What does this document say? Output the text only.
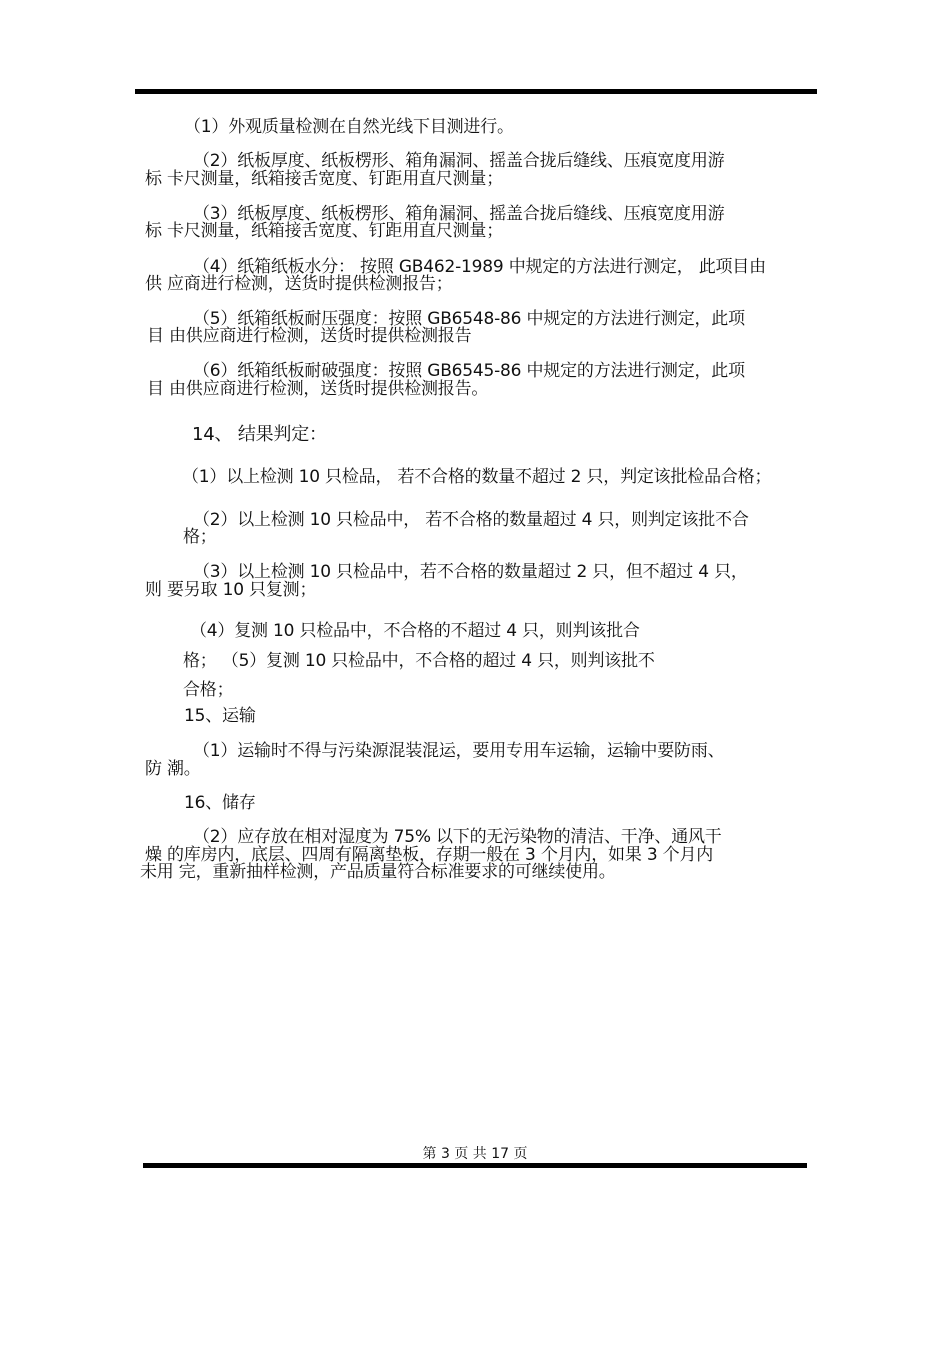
（1）外观质量检测在自然光线下目测进行。
（2）纸板厚度、纸板楞形、箱角漏洞、摇盖合拢后缝线、压痕宽度用游
标 卡尺测量，纸箱接舌宽度、钉距用直尺测量；
（3）纸板厚度、纸板楞形、箱角漏洞、摇盖合拢后缝线、压痕宽度用游
标 卡尺测量，纸箱接舌宽度、钉距用直尺测量；
（4）纸箱纸板水分： 按照 GB462-1989 中规定的方法进行测定， 此项目由
供 应商进行检测，送货时提供检测报告；
（5）纸箱纸板耐压强度：按照 GB6548-86 中规定的方法进行测定，此项
目 由供应商进行检测，送货时提供检测报告
（6）纸箱纸板耐破强度：按照 GB6545-86 中规定的方法进行测定，此项
目 由供应商进行检测，送货时提供检测报告。
14、 结果判定：
（1）以上检测 10 只检品， 若不合格的数量不超过 2 只，判定该批检品合格；
（2）以上检测 10 只检品中， 若不合格的数量超过 4 只，则判定该批不合
格；
（3）以上检测 10 只检品中，若不合格的数量超过 2 只，但不超过 4 只，
则 要另取 10 只复测；
（4）复测 10 只检品中，不合格的不超过 4 只，则判该批合
格； （5）复测 10 只检品中，不合格的超过 4 只，则判该批不
合格；
15、运输
（1）运输时不得与污染源混装混运，要用专用车运输，运输中要防雨、
防 潮。
16、储存
（2）应存放在相对湿度为 75% 以下的无污染物的清洁、干净、通风干
燥 的库房内，底层、四周有隔离垫板，存期一般在 3 个月内，如果 3 个月内
未用 完，重新抽样检测，产品质量符合标准要求的可继续使用。
第 3 页 共 17 页
